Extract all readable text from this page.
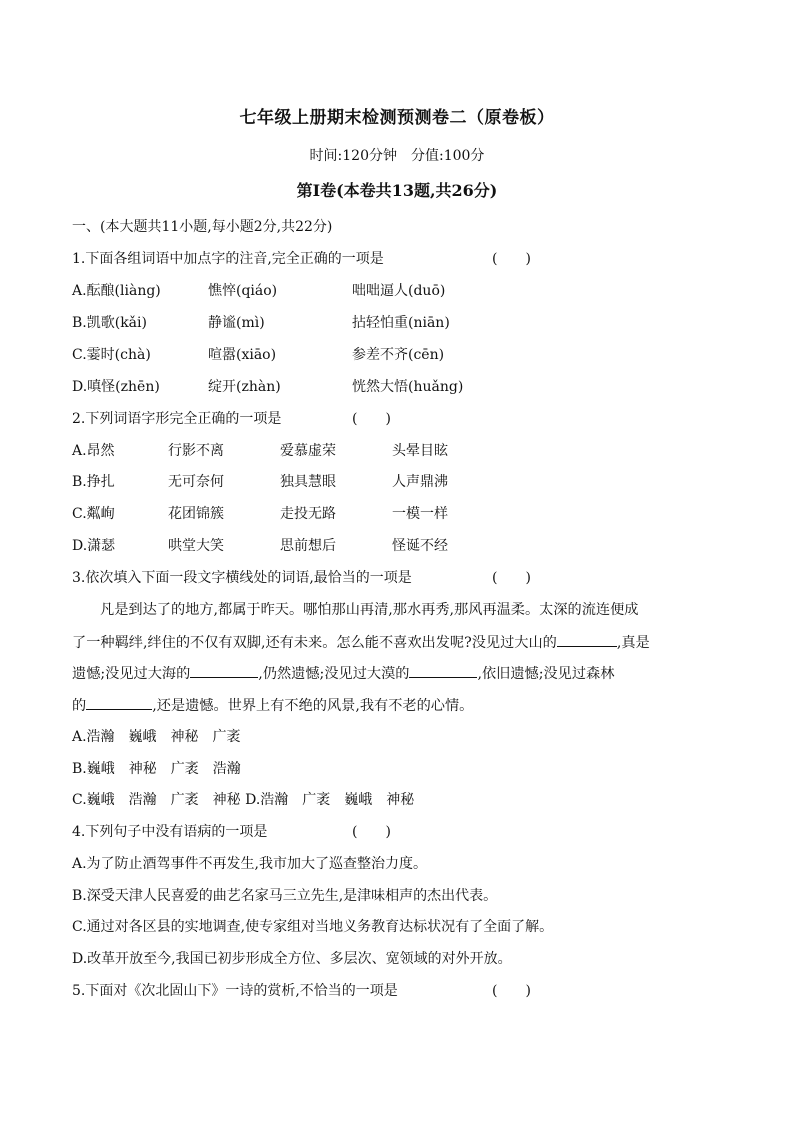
七年级上册期末检测预测卷二（原卷板）
时间:120分钟　分值:100分
第Ⅰ卷(本卷共13题,共26分)
一、(本大题共11小题,每小题2分,共22分)
1.下面各组词语中加点字的注音,完全正确的一项是	(　　)
A.酝酿(liàng)	憔悴(qiáo)	咄咄逼人(duō)
B.凯歌(kǎi)	静谧(mì)	拈轻怕重(niān)
C.霎时(chà)	喧嚣(xiāo)	参差不齐(cēn)
D.嗔怪(zhēn)	绽开(zhàn)	恍然大悟(huǎng)
2.下列词语字形完全正确的一项是	(　　)
A.昂然	行影不离	爱慕虚荣	头晕目眩
B.挣扎	无可奈何	独具慧眼	人声鼎沸
C.粼峋	花团锦簇	走投无路	一模一样
D.潇瑟	哄堂大笑	思前想后	怪诞不经
3.依次填入下面一段文字横线处的词语,最恰当的一项是	(　　)
凡是到达了的地方,都属于昨天。哪怕那山再清,那水再秀,那风再温柔。太深的流连便成
了一种羁绊,绊住的不仅有双脚,还有未来。怎么能不喜欢出发呢?没见过大山的	,真是
遗憾;没见过大海的	,仍然遗憾;没见过大漠的	,依旧遗憾;没见过森林
的	,还是遗憾。世界上有不绝的风景,我有不老的心情。
A.浩瀚　巍峨　神秘　广袤
B.巍峨　神秘　广袤　浩瀚
C.巍峨　浩瀚　广袤　神秘 D.浩瀚　广袤　巍峨　神秘
4.下列句子中没有语病的一项是	(　　)
A.为了防止酒驾事件不再发生,我市加大了巡查整治力度。
B.深受天津人民喜爱的曲艺名家马三立先生,是津味相声的杰出代表。
C.通过对各区县的实地调查,使专家组对当地义务教育达标状况有了全面了解。
D.改革开放至今,我国已初步形成全方位、多层次、宽领域的对外开放。
5.下面对《次北固山下》一诗的赏析,不恰当的一项是	(　　)
